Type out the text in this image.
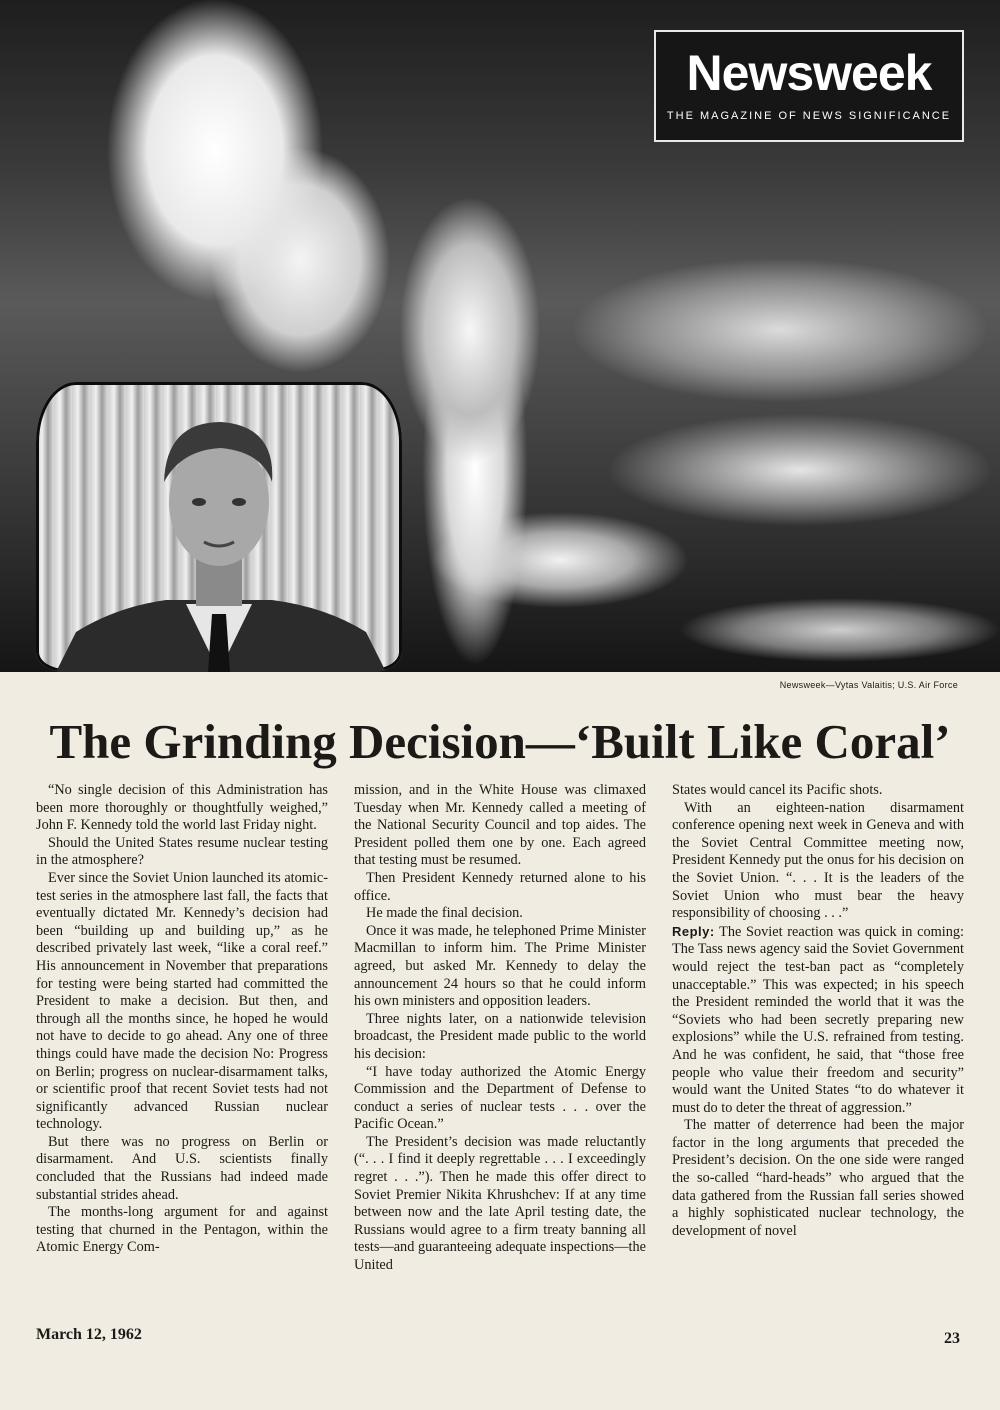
Newsweek
THE MAGAZINE OF NEWS SIGNIFICANCE
Newsweek—Vytas Valaitis; U.S. Air Force
The Grinding Decision—‘Built Like Coral’

“No single decision of this Administration has been more thoroughly or thoughtfully weighed,” John F. Kennedy told the world last Friday night.

Should the United States resume nuclear testing in the atmosphere?

Ever since the Soviet Union launched its atomic-test series in the atmosphere last fall, the facts that eventually dictated Mr. Kennedy’s decision had been “building up and building up,” as he described privately last week, “like a coral reef.” His announcement in November that preparations for testing were being started had committed the President to make a decision. But then, and through all the months since, he hoped he would not have to decide to go ahead. Any one of three things could have made the decision No: Progress on Berlin; progress on nuclear-disarmament talks, or scientific proof that recent Soviet tests had not significantly advanced Russian nuclear technology.

But there was no progress on Berlin or disarmament. And U.S. scientists finally concluded that the Russians had indeed made substantial strides ahead.

The months-long argument for and against testing that churned in the Pentagon, within the Atomic Energy Com-

mission, and in the White House was climaxed Tuesday when Mr. Kennedy called a meeting of the National Security Council and top aides. The President polled them one by one. Each agreed that testing must be resumed.

Then President Kennedy returned alone to his office.

He made the final decision.

Once it was made, he telephoned Prime Minister Macmillan to inform him. The Prime Minister agreed, but asked Mr. Kennedy to delay the announcement 24 hours so that he could inform his own ministers and opposition leaders.

Three nights later, on a nationwide television broadcast, the President made public to the world his decision:

“I have today authorized the Atomic Energy Commission and the Department of Defense to conduct a series of nuclear tests . . . over the Pacific Ocean.”

The President’s decision was made reluctantly (“. . . I find it deeply regrettable . . . I exceedingly regret . . .”). Then he made this offer direct to Soviet Premier Nikita Khrushchev: If at any time between now and the late April testing date, the Russians would agree to a firm treaty banning all tests—and guaranteeing adequate inspections—the United

States would cancel its Pacific shots.

With an eighteen-nation disarmament conference opening next week in Geneva and with the Soviet Central Committee meeting now, President Kennedy put the onus for his decision on the Soviet Union. “. . . It is the leaders of the Soviet Union who must bear the heavy responsibility of choosing . . .”

Reply: The Soviet reaction was quick in coming: The Tass news agency said the Soviet Government would reject the test-ban pact as “completely unacceptable.” This was expected; in his speech the President reminded the world that it was the “Soviets who had been secretly preparing new explosions” while the U.S. refrained from testing. And he was confident, he said, that “those free people who value their freedom and security” would want the United States “to do whatever it must do to deter the threat of aggression.”

The matter of deterrence had been the major factor in the long arguments that preceded the President’s decision. On the one side were ranged the so-called “hard-heads” who argued that the data gathered from the Russian fall series showed a highly sophisticated nuclear technology, the development of novel

March 12, 1962	23
